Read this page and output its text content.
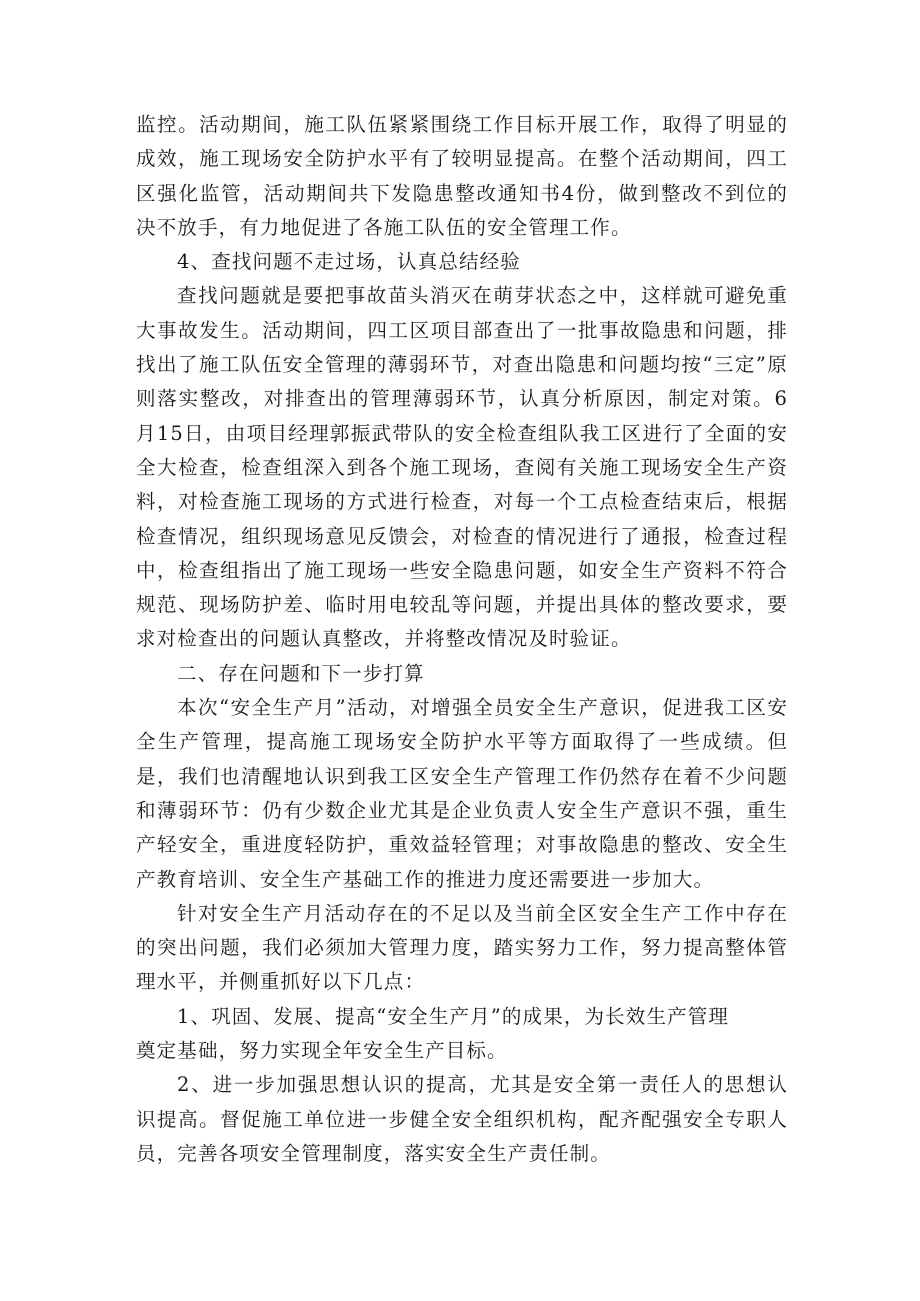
监控。活动期间，施工队伍紧紧围绕工作目标开展工作，取得了明显的成效，施工现场安全防护水平有了较明显提高。在整个活动期间，四工区强化监管，活动期间共下发隐患整改通知书4份，做到整改不到位的决不放手，有力地促进了各施工队伍的安全管理工作。

4、查找问题不走过场，认真总结经验

查找问题就是要把事故苗头消灭在萌芽状态之中，这样就可避免重大事故发生。活动期间，四工区项目部查出了一批事故隐患和问题，排找出了施工队伍安全管理的薄弱环节，对查出隐患和问题均按“三定”原则落实整改，对排查出的管理薄弱环节，认真分析原因，制定对策。6月15日，由项目经理郭振武带队的安全检查组队我工区进行了全面的安全大检查，检查组深入到各个施工现场，查阅有关施工现场安全生产资料，对检查施工现场的方式进行检查，对每一个工点检查结束后，根据检查情况，组织现场意见反馈会，对检查的情况进行了通报，检查过程中，检查组指出了施工现场一些安全隐患问题，如安全生产资料不符合规范、现场防护差、临时用电较乱等问题，并提出具体的整改要求，要求对检查出的问题认真整改，并将整改情况及时验证。

二、存在问题和下一步打算

本次“安全生产月”活动，对增强全员安全生产意识，促进我工区安全生产管理，提高施工现场安全防护水平等方面取得了一些成绩。但是，我们也清醒地认识到我工区安全生产管理工作仍然存在着不少问题和薄弱环节：仍有少数企业尤其是企业负责人安全生产意识不强，重生产轻安全，重进度轻防护，重效益轻管理；对事故隐患的整改、安全生产教育培训、安全生产基础工作的推进力度还需要进一步加大。

针对安全生产月活动存在的不足以及当前全区安全生产工作中存在的突出问题，我们必须加大管理力度，踏实努力工作，努力提高整体管理水平，并侧重抓好以下几点：

1、巩固、发展、提高“安全生产月”的成果，为长效生产管理

奠定基础，努力实现全年安全生产目标。

2、进一步加强思想认识的提高，尤其是安全第一责任人的思想认识提高。督促施工单位进一步健全安全组织机构，配齐配强安全专职人员，完善各项安全管理制度，落实安全生产责任制。
